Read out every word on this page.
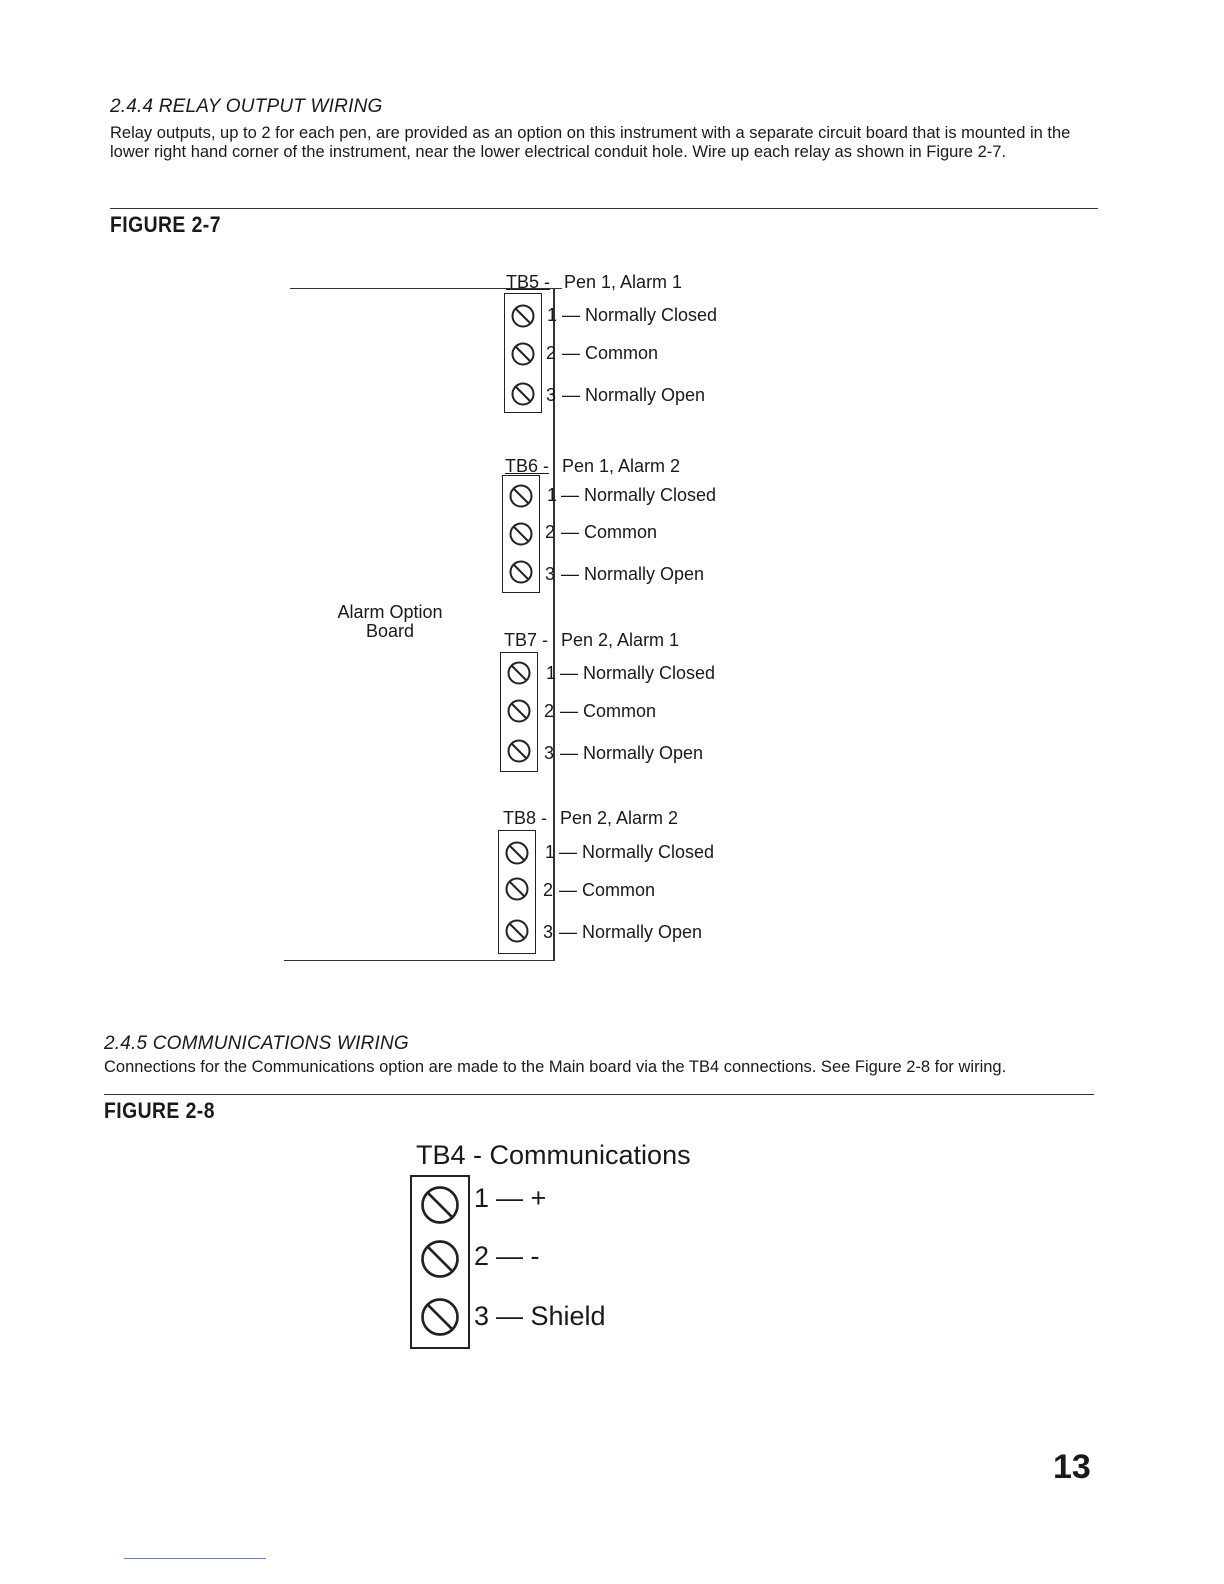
2.4.4 RELAY OUTPUT WIRING
Relay outputs, up to 2 for each pen, are provided as an option on this instrument with a separate circuit board that is mounted in the lower right hand corner of the instrument, near the lower electrical conduit hole. Wire up each relay as shown in Figure 2-7.
FIGURE 2-7
Alarm Option
Board
TB5 - Pen 1, Alarm 1
1 — Normally Closed
2 — Common
3 — Normally Open
TB6 - Pen 1, Alarm 2
1 — Normally Closed
2 — Common
3 — Normally Open
TB7 - Pen 2, Alarm 1
1 — Normally Closed
2 — Common
3 — Normally Open
TB8 - Pen 2, Alarm 2
1 — Normally Closed
2 — Common
3 — Normally Open
2.4.5 COMMUNICATIONS WIRING
Connections for the Communications option are made to the Main board via the TB4 connections. See Figure 2-8 for wiring.
FIGURE 2-8
TB4 - Communications
1 — +
2 — -
3 — Shield
13
